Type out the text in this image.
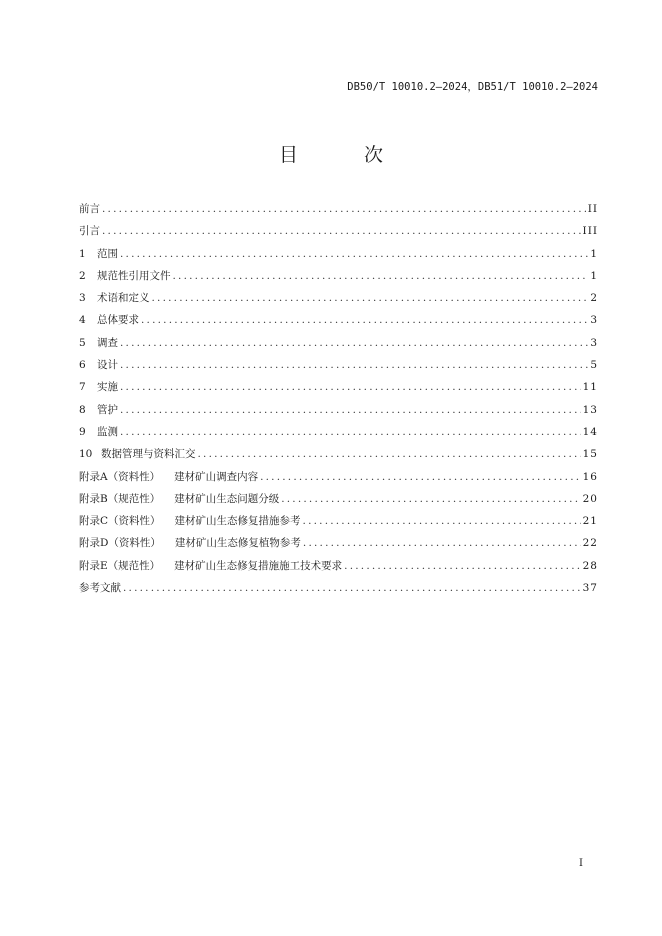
DB50/T 10010.2—2024，DB51/T 10010.2—2024
目 次
前言 .....	II
引言 .....	III
1 范围 .....	1
2 规范性引用文件 .....	1
3 术语和定义 .....	2
4 总体要求 .....	3
5 调查 .....	3
6 设计 .....	5
7 实施 .....	11
8 管护 .....	13
9 监测 .....	14
10 数据管理与资料汇交 .....	15
附录A（资料性） 建材矿山调查内容 .....	16
附录B（规范性） 建材矿山生态问题分级 .....	20
附录C（资料性） 建材矿山生态修复措施参考 .....	21
附录D（资料性） 建材矿山生态修复植物参考 .....	22
附录E（规范性） 建材矿山生态修复措施施工技术要求 .....	28
参考文献 .....	37
I
